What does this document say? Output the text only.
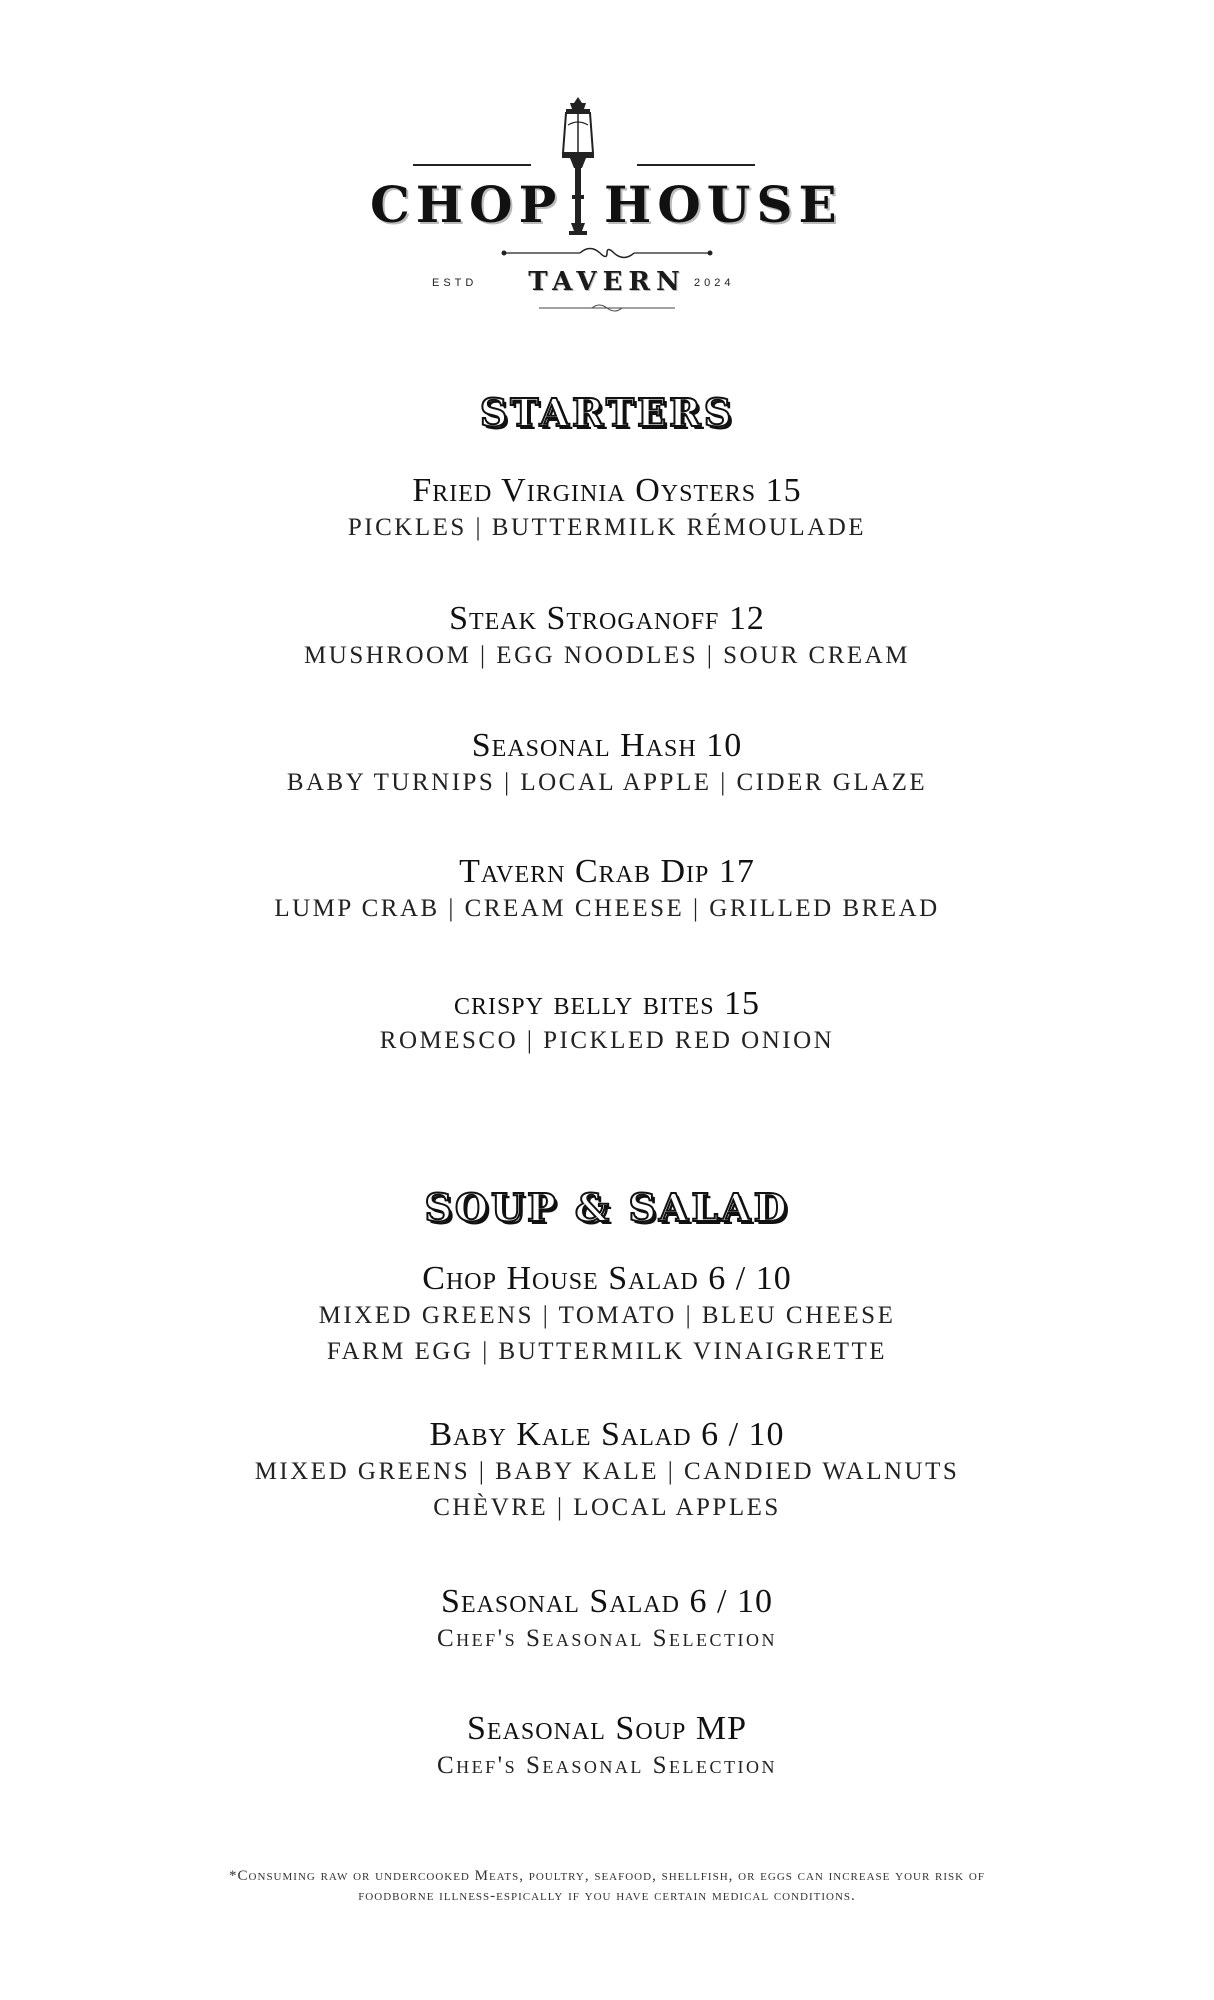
CHOP HOUSE
ESTD	TAVERN 2024
STARTERS
Fried Virginia Oysters 15
PICKLES | BUTTERMILK RÉMOULADE
Steak Stroganoff 12
MUSHROOM | EGG NOODLES | SOUR CREAM
Seasonal Hash 10
BABY TURNIPS | LOCAL APPLE | CIDER GLAZE
Tavern Crab Dip 17
LUMP CRAB | CREAM CHEESE | GRILLED BREAD
crispy belly bites 15
ROMESCO | PICKLED RED ONION
SOUP & SALAD
Chop House Salad 6 / 10
MIXED GREENS | TOMATO | BLEU CHEESE
FARM EGG | BUTTERMILK VINAIGRETTE
Baby Kale Salad 6 / 10
MIXED GREENS | BABY KALE | CANDIED WALNUTS
CHÈVRE | LOCAL APPLES
Seasonal Salad 6 / 10
Chef's Seasonal Selection
Seasonal Soup MP
Chef's Seasonal Selection
*Consuming raw or undercooked Meats, poultry, seafood, shellfish, or eggs can increase your risk of
foodborne illness-espically if you have certain medical conditions.
